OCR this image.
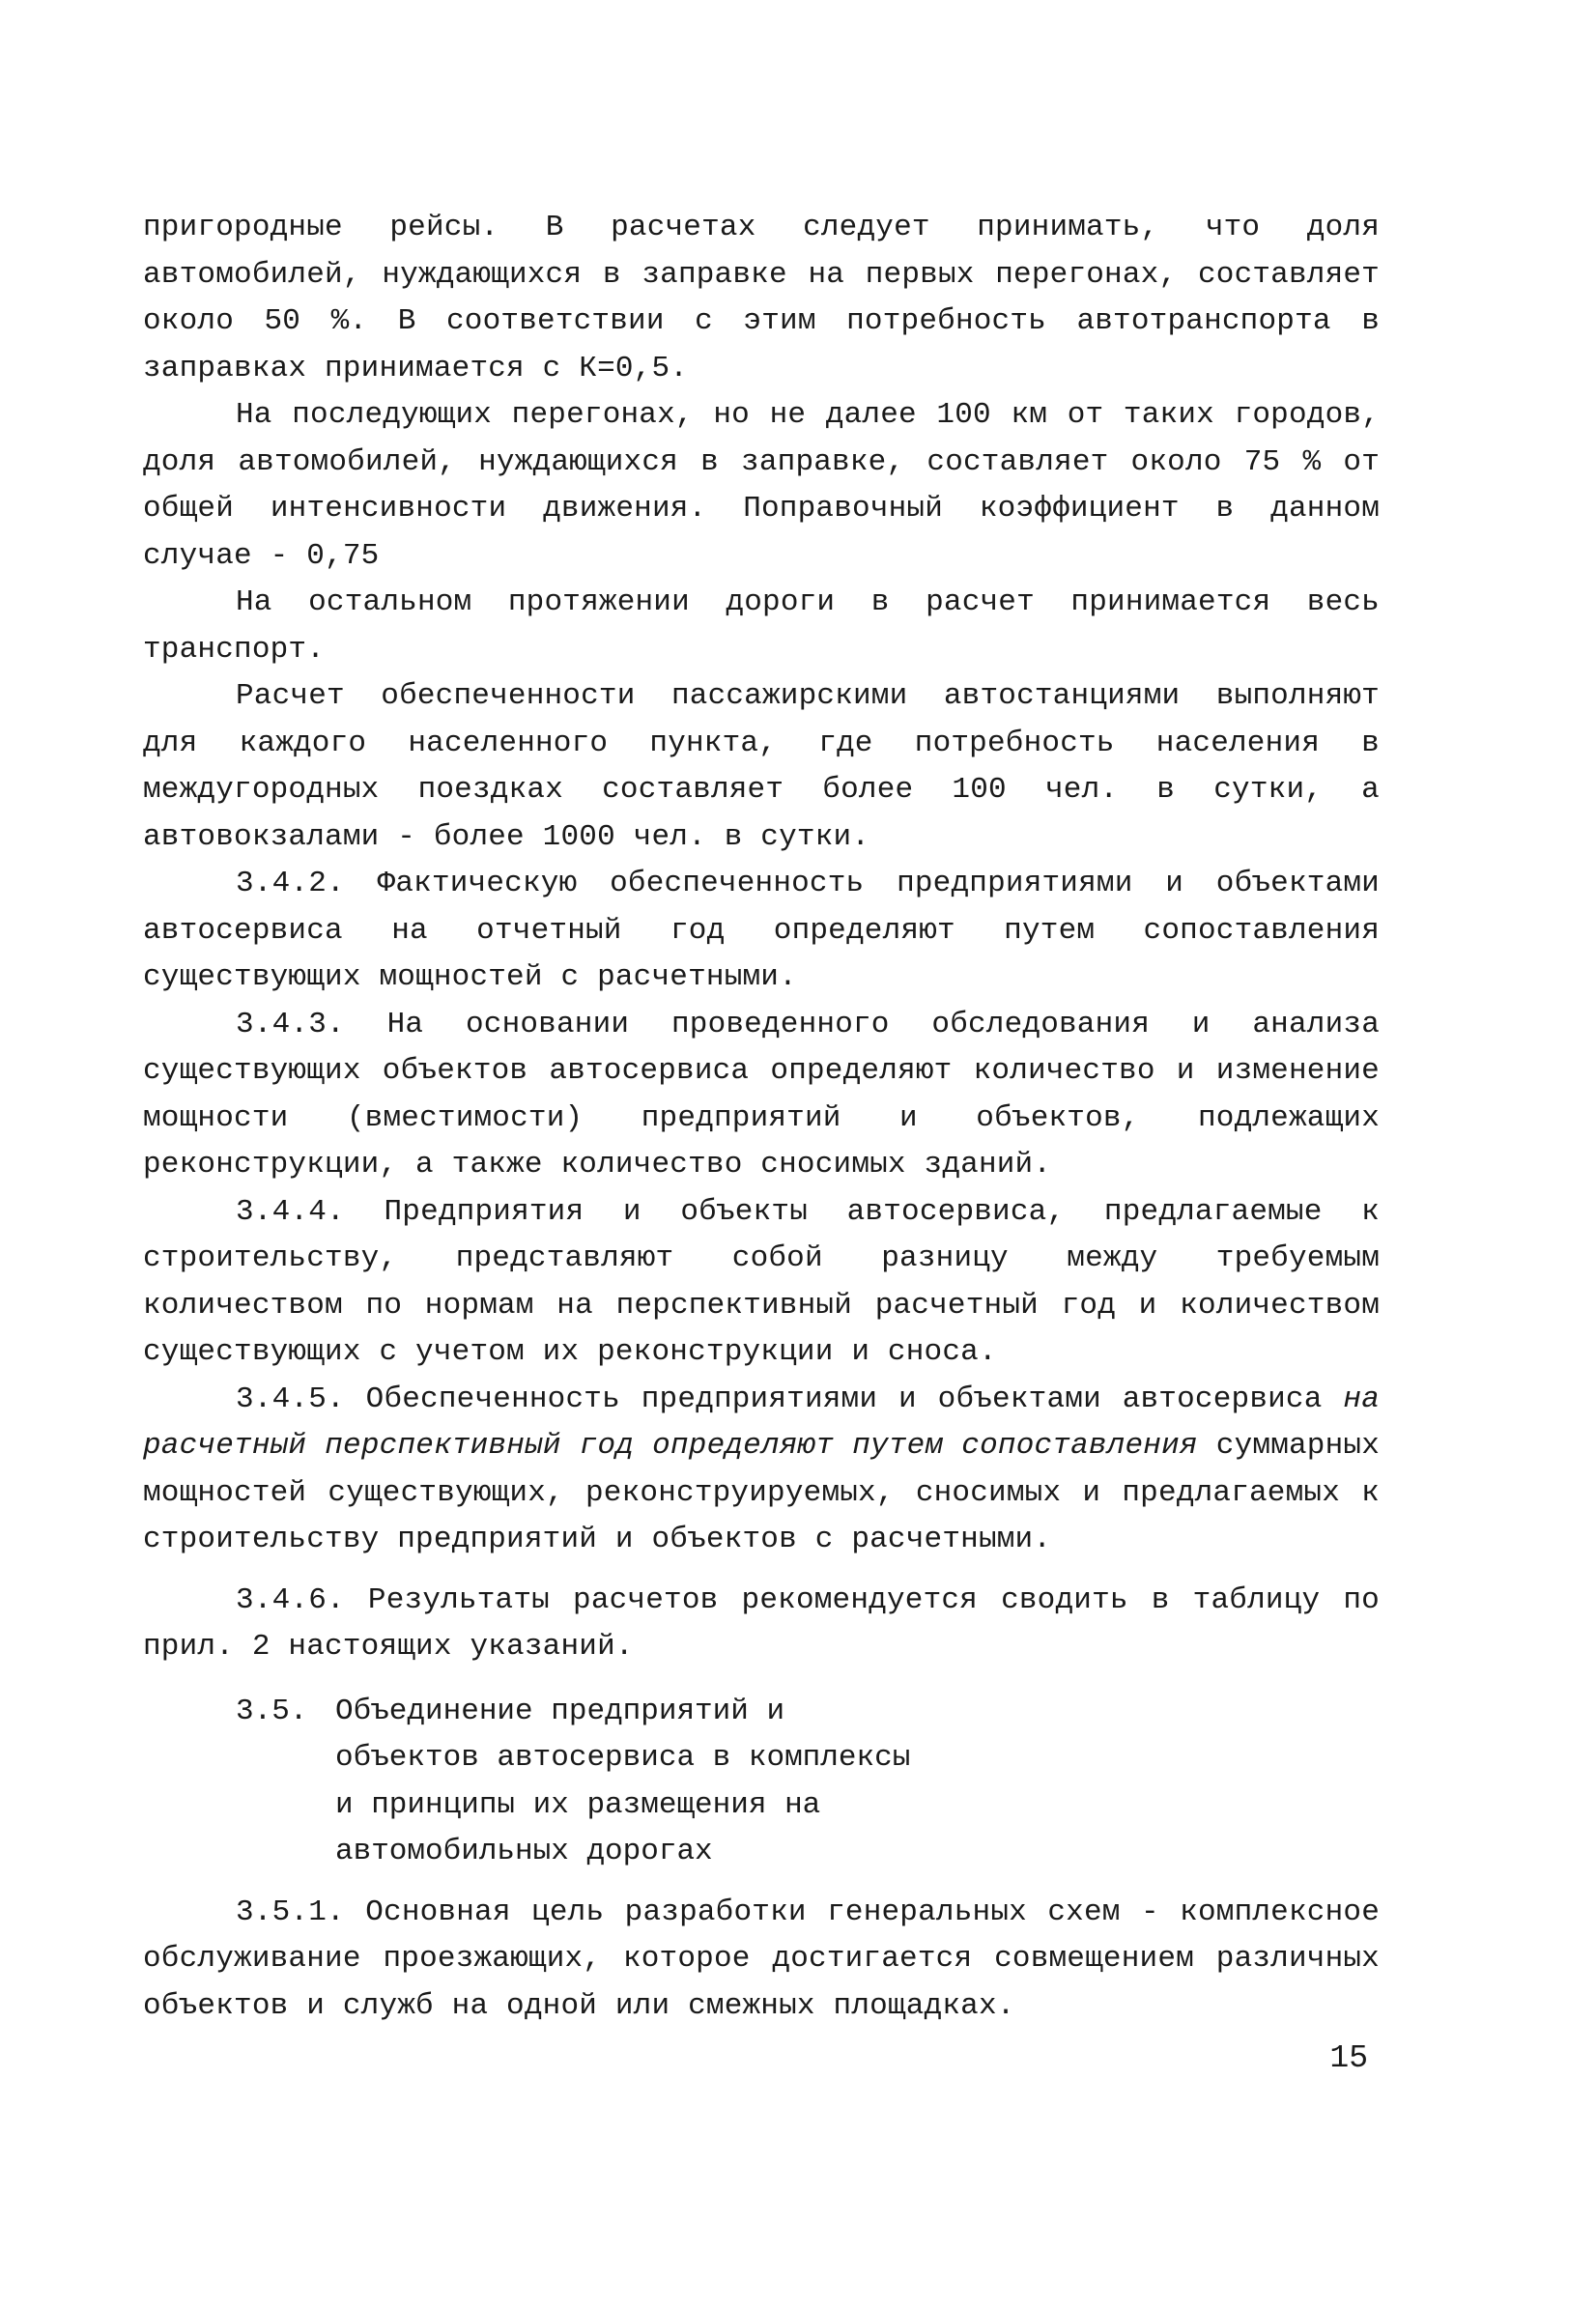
пригородные рейсы. В расчетах следует принимать, что доля автомобилей, нуждающихся в заправке на первых перегонах, составляет около 50 %. В соответствии с этим потребность автотранспорта в заправках принимается с К=0,5.

На последующих перегонах, но не далее 100 км от таких городов, доля автомобилей, нуждающихся в заправке, составляет около 75 % от общей интенсивности движения. Поправочный коэффициент в данном случае - 0,75

На остальном протяжении дороги в расчет принимается весь транспорт.

Расчет обеспеченности пассажирскими автостанциями выполняют для каждого населенного пункта, где потребность населения в междугородных поездках составляет более 100 чел. в сутки, а автовокзалами - более 1000 чел. в сутки.

3.4.2. Фактическую обеспеченность предприятиями и объектами автосервиса на отчетный год определяют путем сопоставления существующих мощностей с расчетными.

3.4.3. На основании проведенного обследования и анализа существующих объектов автосервиса определяют количество и изменение мощности (вместимости) предприятий и объектов, подлежащих реконструкции, а также количество сносимых зданий.

3.4.4. Предприятия и объекты автосервиса, предлагаемые к строительству, представляют собой разницу между требуемым количеством по нормам на перспективный расчетный год и количеством существующих с учетом их реконструкции и сноса.

3.4.5. Обеспеченность предприятиями и объектами автосервиса на расчетный перспективный год определяют путем сопоставления суммарных мощностей существующих, реконструируемых, сносимых и предлагаемых к строительству предприятий и объектов с расчетными.

3.4.6. Результаты расчетов рекомендуется сводить в таблицу по прил. 2 настоящих указаний.

3.5. Объединение предприятий и объектов автосервиса в комплексы и принципы их размещения на автомобильных дорогах

3.5.1. Основная цель разработки генеральных схем - комплексное обслуживание проезжающих, которое достигается совмещением различных объектов и служб на одной или смежных площадках.

15
